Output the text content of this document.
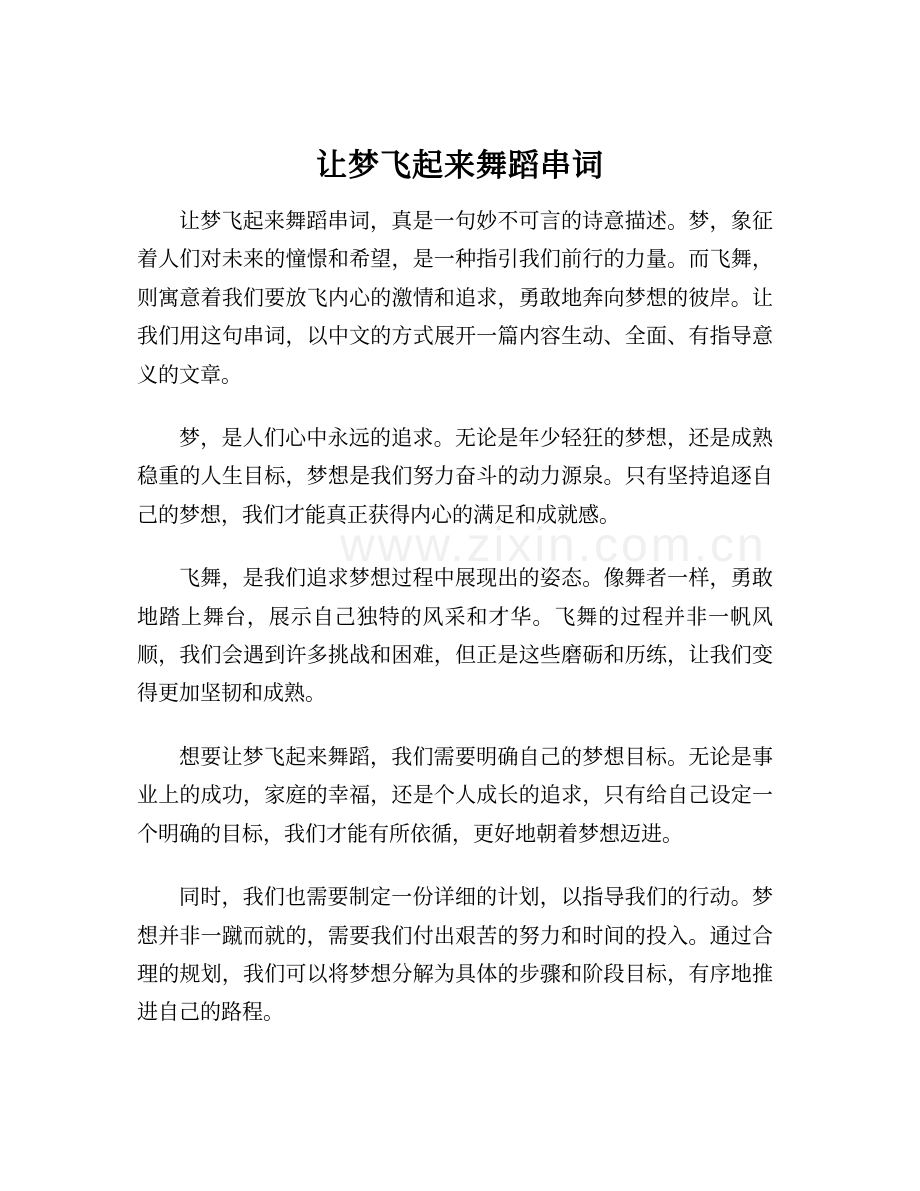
www.zixin.com.cn
让梦飞起来舞蹈串词

让梦飞起来舞蹈串词，真是一句妙不可言的诗意描述。梦，象征着人们对未来的憧憬和希望，是一种指引我们前行的力量。而飞舞，则寓意着我们要放飞内心的激情和追求，勇敢地奔向梦想的彼岸。让我们用这句串词，以中文的方式展开一篇内容生动、全面、有指导意义的文章。

梦，是人们心中永远的追求。无论是年少轻狂的梦想，还是成熟稳重的人生目标，梦想是我们努力奋斗的动力源泉。只有坚持追逐自己的梦想，我们才能真正获得内心的满足和成就感。

飞舞，是我们追求梦想过程中展现出的姿态。像舞者一样，勇敢地踏上舞台，展示自己独特的风采和才华。飞舞的过程并非一帆风顺，我们会遇到许多挑战和困难，但正是这些磨砺和历练，让我们变得更加坚韧和成熟。

想要让梦飞起来舞蹈，我们需要明确自己的梦想目标。无论是事业上的成功，家庭的幸福，还是个人成长的追求，只有给自己设定一个明确的目标，我们才能有所依循，更好地朝着梦想迈进。

同时，我们也需要制定一份详细的计划，以指导我们的行动。梦想并非一蹴而就的，需要我们付出艰苦的努力和时间的投入。通过合理的规划，我们可以将梦想分解为具体的步骤和阶段目标，有序地推进自己的路程。
